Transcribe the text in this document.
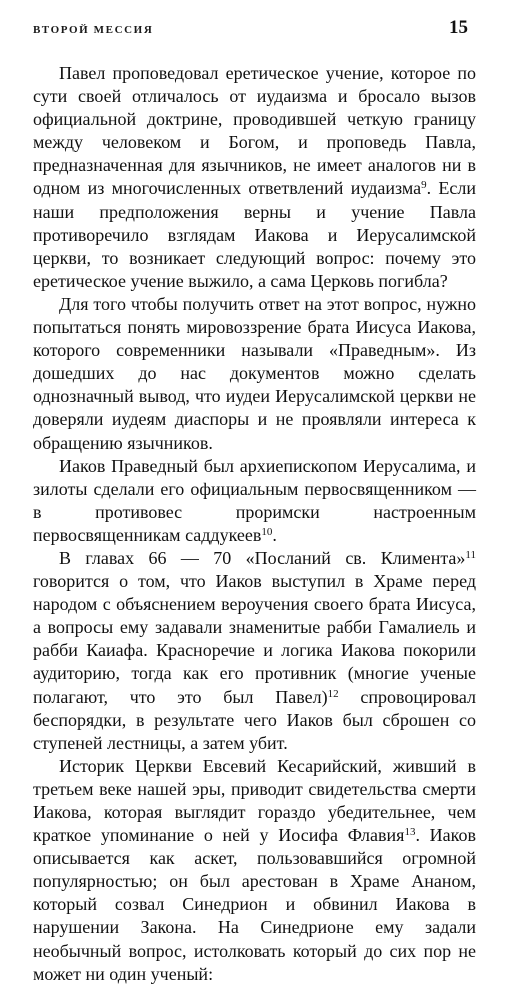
ВТОРОЙ МЕССИЯ	15

Павел проповедовал еретическое учение, которое по сути своей отличалось от иудаизма и бросало вызов официальной доктрине, проводившей четкую границу между человеком и Богом, и проповедь Павла, предназначенная для язычников, не имеет аналогов ни в одном из многочисленных ответвлений иудаизма$^9$. Если наши предположения верны и учение Павла противоречило взглядам Иакова и Иерусалимской церкви, то возникает следующий вопрос: почему это еретическое учение выжило, а сама Церковь погибла?

Для того чтобы получить ответ на этот вопрос, нужно попытаться понять мировоззрение брата Иисуса Иакова, которого современники называли «Праведным». Из дошедших до нас документов можно сделать однозначный вывод, что иудеи Иерусалимской церкви не доверяли иудеям диаспоры и не проявляли интереса к обращению язычников.

Иаков Праведный был архиепископом Иерусалима, и зилоты сделали его официальным первосвященником — в противовес проримски настроенным первосвященникам саддукеев$^{10}$.

В главах 66 — 70 «Посланий св. Климента»$^{11}$ говорится о том, что Иаков выступил в Храме перед народом с объяснением вероучения своего брата Иисуса, а вопросы ему задавали знаменитые рабби Гамалиель и рабби Каиафа. Красноречие и логика Иакова покорили аудиторию, тогда как его противник (многие ученые полагают, что это был Павел)$^{12}$ спровоцировал беспорядки, в результате чего Иаков был сброшен со ступеней лестницы, а затем убит.

Историк Церкви Евсевий Кесарийский, живший в третьем веке нашей эры, приводит свидетельства смерти Иакова, которая выглядит гораздо убедительнее, чем краткое упоминание о ней у Иосифа Флавия$^{13}$. Иаков описывается как аскет, пользовавшийся огромной популярностью; он был арестован в Храме Ананом, который созвал Синедрион и обвинил Иакова в нарушении Закона. На Синедрионе ему задали необычный вопрос, истолковать который до сих пор не может ни один ученый:
